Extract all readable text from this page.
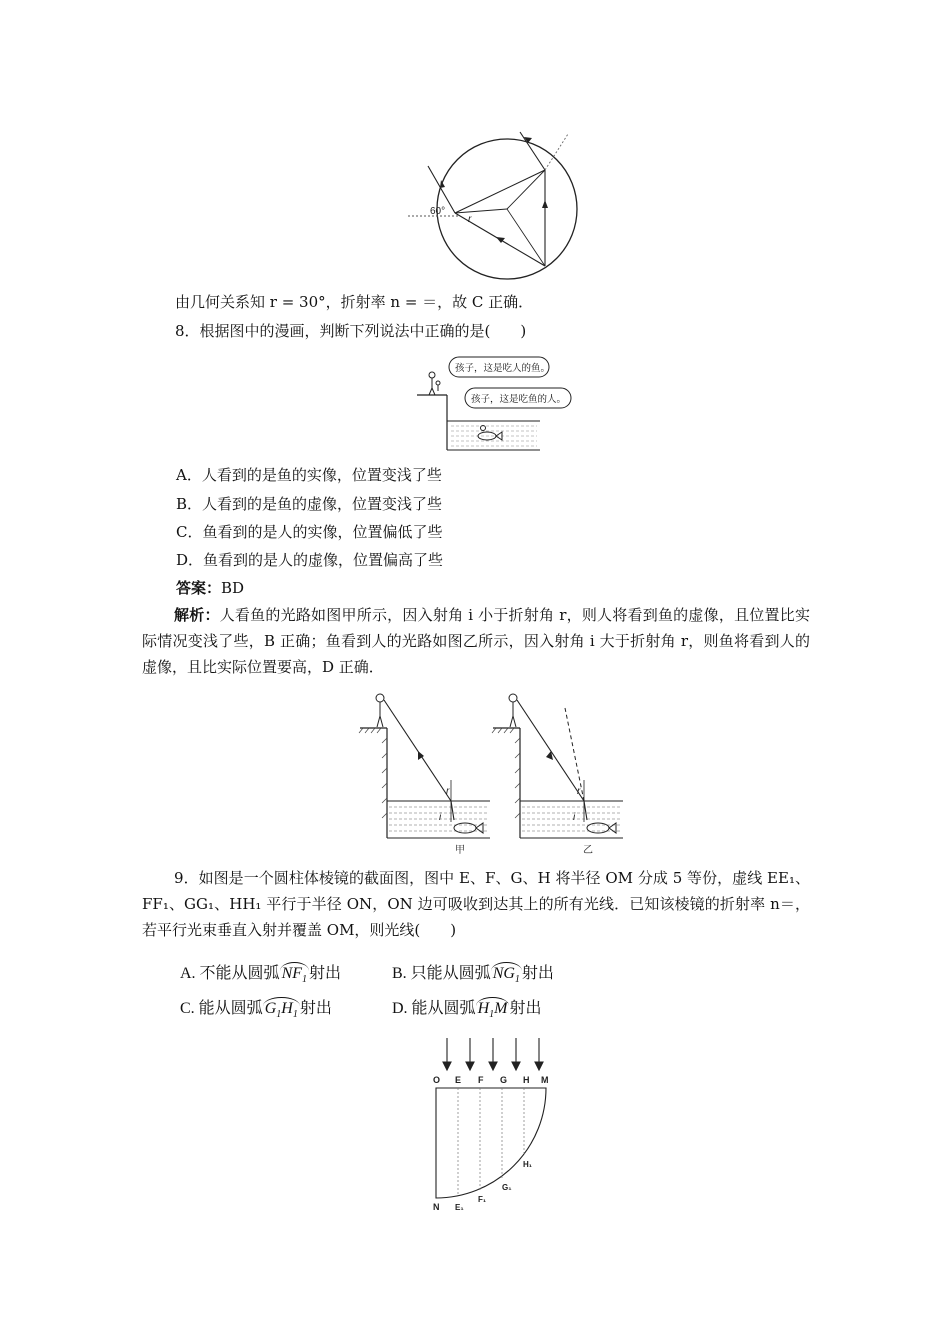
60°
r
由几何关系知 r = 30°，折射率 n = ＝，故 C 正确．
8．根据图中的漫画，判断下列说法中正确的是(　　)
孩子，这是吃人的鱼。
孩子，这是吃鱼的人。
A．人看到的是鱼的实像，位置变浅了些
B．人看到的是鱼的虚像，位置变浅了些
C．鱼看到的是人的实像，位置偏低了些
D．鱼看到的是人的虚像，位置偏高了些
答案：BD
解析：人看鱼的光路如图甲所示，因入射角 i 小于折射角 r，则人将看到鱼的虚像，且位置比实际情况变浅了些，B 正确；鱼看到人的光路如图乙所示，因入射角 i 大于折射角 r，则鱼将看到人的虚像，且比实际位置要高，D 正确．
r
i
甲
r
i
乙
9．如图是一个圆柱体棱镜的截面图，图中 E、F、G、H 将半径 OM 分成 5 等份，虚线 EE₁、FF₁、GG₁、HH₁ 平行于半径 ON，ON 边可吸收到达其上的所有光线．已知该棱镜的折射率 n＝，若平行光束垂直入射并覆盖 OM，则光线(　　)
A. 不能从圆弧 $NF_1$ 射出	B. 只能从圆弧 $NG_1$ 射出
C. 能从圆弧 $G_1H_1$ 射出	D. 能从圆弧 $H_1M$ 射出
O E F G H M
N E₁
F₁
G₁
H₁
